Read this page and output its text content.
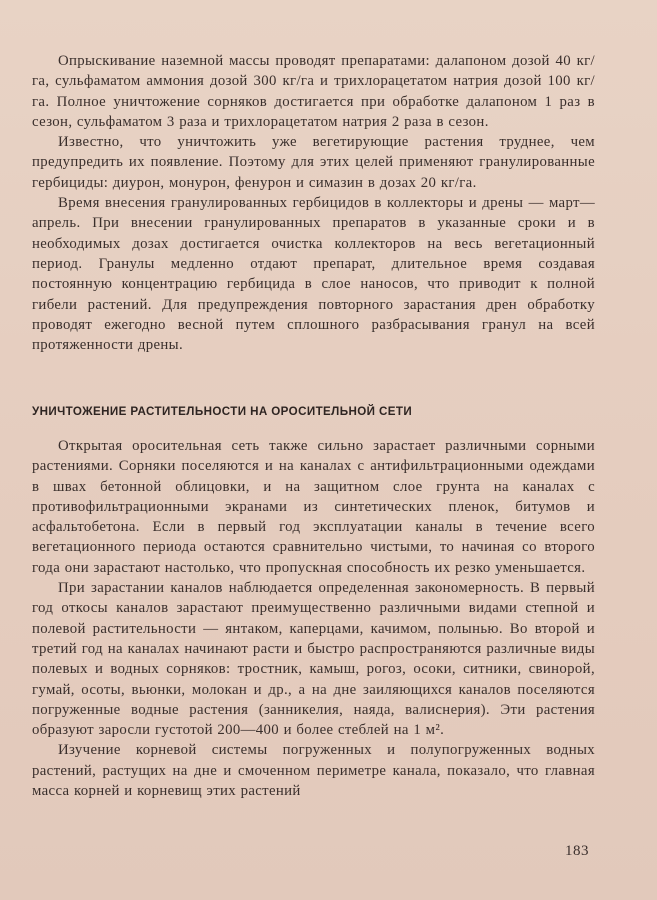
Опрыскивание наземной массы проводят препаратами: далапоном дозой 40 кг/га, сульфаматом аммония дозой 300 кг/га и трихлорацетатом натрия дозой 100 кг/га. Полное уничтожение сорняков достигается при обработке далапоном 1 раз в сезон, сульфаматом 3 раза и трихлорацетатом натрия 2 раза в сезон.

Известно, что уничтожить уже вегетирующие растения труднее, чем предупредить их появление. Поэтому для этих целей применяют гранулированные гербициды: диурон, монурон, фенурон и симазин в дозах 20 кг/га.

Время внесения гранулированных гербицидов в коллекторы и дрены — март—апрель. При внесении гранулированных препаратов в указанные сроки и в необходимых дозах достигается очистка коллекторов на весь вегетационный период. Гранулы медленно отдают препарат, длительное время создавая постоянную концентрацию гербицида в слое наносов, что приводит к полной гибели растений. Для предупреждения повторного зарастания дрен обработку проводят ежегодно весной путем сплошного разбрасывания гранул на всей протяженности дрены.

УНИЧТОЖЕНИЕ РАСТИТЕЛЬНОСТИ НА ОРОСИТЕЛЬНОЙ СЕТИ

Открытая оросительная сеть также сильно зарастает различными сорными растениями. Сорняки поселяются и на каналах с антифильтрационными одеждами в швах бетонной облицовки, и на защитном слое грунта на каналах с противофильтрационными экранами из синтетических пленок, битумов и асфальтобетона. Если в первый год эксплуатации каналы в течение всего вегетационного периода остаются сравнительно чистыми, то начиная со второго года они зарастают настолько, что пропускная способность их резко уменьшается.

При зарастании каналов наблюдается определенная закономерность. В первый год откосы каналов зарастают преимущественно различными видами степной и полевой растительности — янтаком, каперцами, качимом, полынью. Во второй и третий год на каналах начинают расти и быстро распространяются различные виды полевых и водных сорняков: тростник, камыш, рогоз, осоки, ситники, свинорой, гумай, осоты, вьюнки, молокан и др., а на дне заиляющихся каналов поселяются погруженные водные растения (занникелия, наяда, валиснерия). Эти растения образуют заросли густотой 200—400 и более стеблей на 1 м².

Изучение корневой системы погруженных и полупогруженных водных растений, растущих на дне и смоченном периметре канала, показало, что главная масса корней и корневищ этих растений

183
